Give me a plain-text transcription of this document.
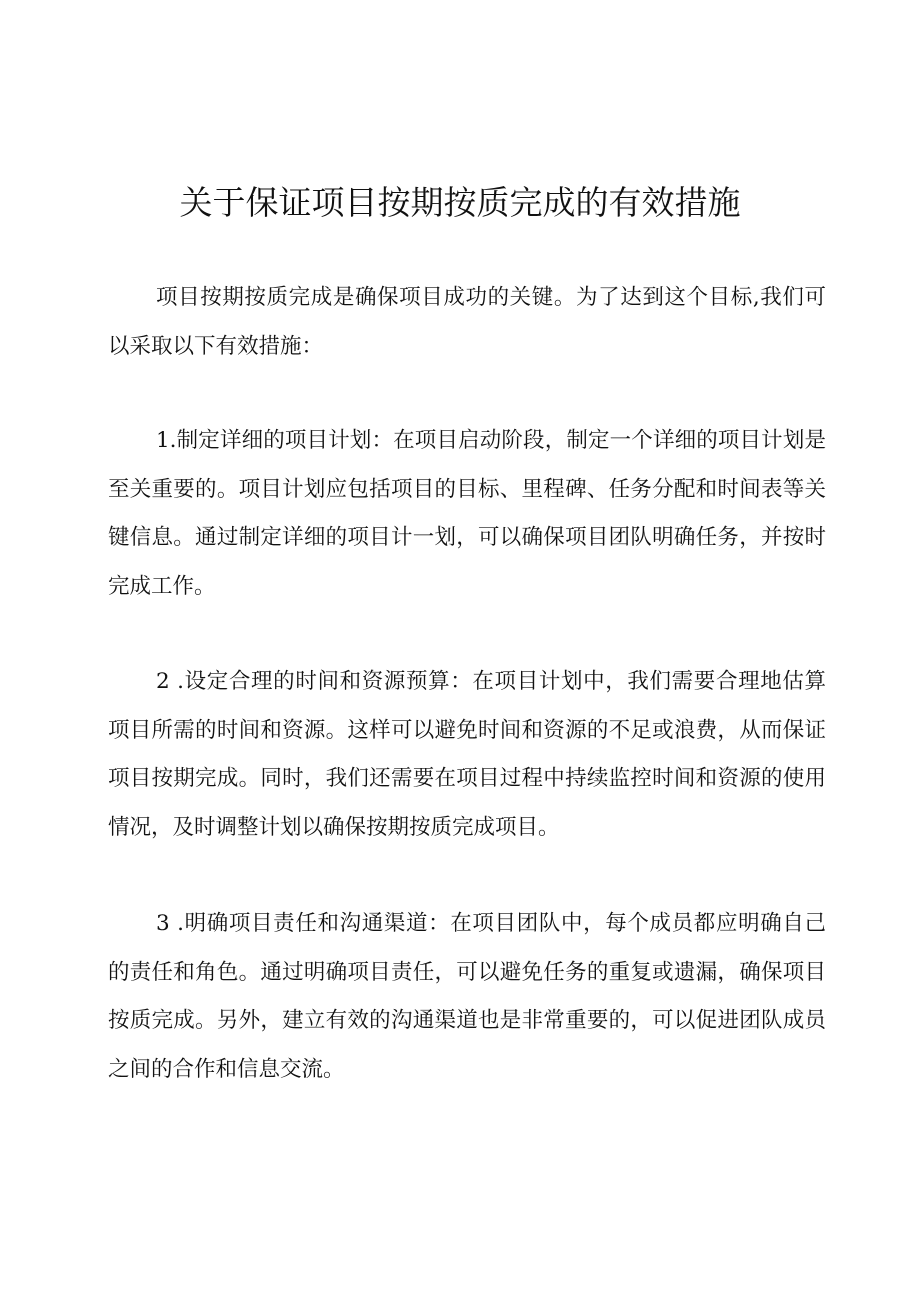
关于保证项目按期按质完成的有效措施

项目按期按质完成是确保项目成功的关键。为了达到这个目标,我们可以采取以下有效措施：

1.制定详细的项目计划：在项目启动阶段，制定一个详细的项目计划是至关重要的。项目计划应包括项目的目标、里程碑、任务分配和时间表等关键信息。通过制定详细的项目计一划，可以确保项目团队明确任务，并按时完成工作。

2 .设定合理的时间和资源预算：在项目计划中，我们需要合理地估算项目所需的时间和资源。这样可以避免时间和资源的不足或浪费，从而保证项目按期完成。同时，我们还需要在项目过程中持续监控时间和资源的使用情况，及时调整计划以确保按期按质完成项目。

3 .明确项目责任和沟通渠道：在项目团队中，每个成员都应明确自己的责任和角色。通过明确项目责任，可以避免任务的重复或遗漏，确保项目按质完成。另外，建立有效的沟通渠道也是非常重要的，可以促进团队成员之间的合作和信息交流。
